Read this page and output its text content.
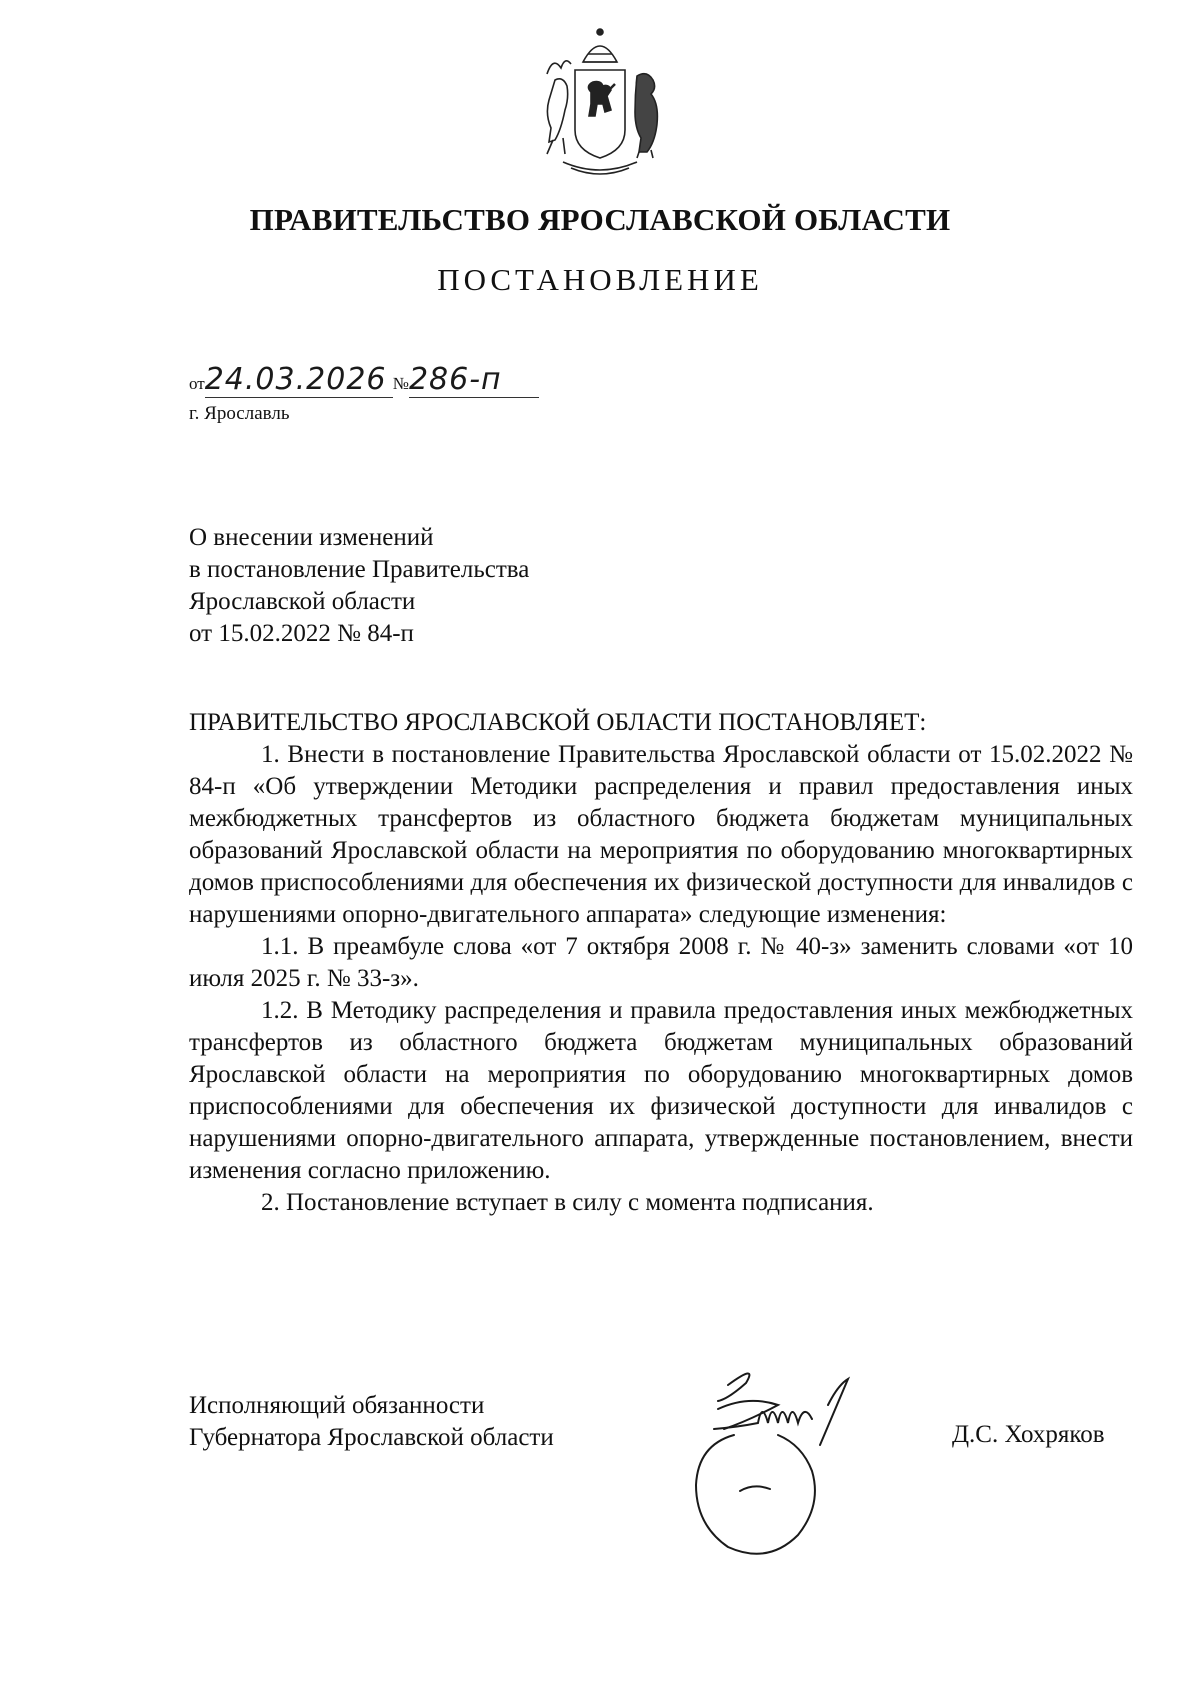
ПРАВИТЕЛЬСТВО ЯРОСЛАВСКОЙ ОБЛАСТИ
ПОСТАНОВЛЕНИЕ
от24.03.2026 №286-п
г. Ярославль
О внесении изменений
в постановление Правительства
Ярославской области
от 15.02.2022 № 84-п
ПРАВИТЕЛЬСТВО ЯРОСЛАВСКОЙ ОБЛАСТИ ПОСТАНОВЛЯЕТ:
1. Внести в постановление Правительства Ярославской области от 15.02.2022 № 84-п «Об утверждении Методики распределения и правил предоставления иных межбюджетных трансфертов из областного бюджета бюджетам муниципальных образований Ярославской области на мероприятия по оборудованию многоквартирных домов приспособлениями для обеспечения их физической доступности для инвалидов с нарушениями опорно-двигательного аппарата» следующие изменения:
1.1. В преамбуле слова «от 7 октября 2008 г. № 40-з» заменить словами «от 10 июля 2025 г. № 33-з».
1.2. В Методику распределения и правила предоставления иных межбюджетных трансфертов из областного бюджета бюджетам муниципальных образований Ярославской области на мероприятия по оборудованию многоквартирных домов приспособлениями для обеспечения их физической доступности для инвалидов с нарушениями опорно-двигательного аппарата, утвержденные постановлением, внести изменения согласно приложению.
2. Постановление вступает в силу с момента подписания.
Исполняющий обязанности
Губернатора Ярославской области	Д.С. Хохряков
